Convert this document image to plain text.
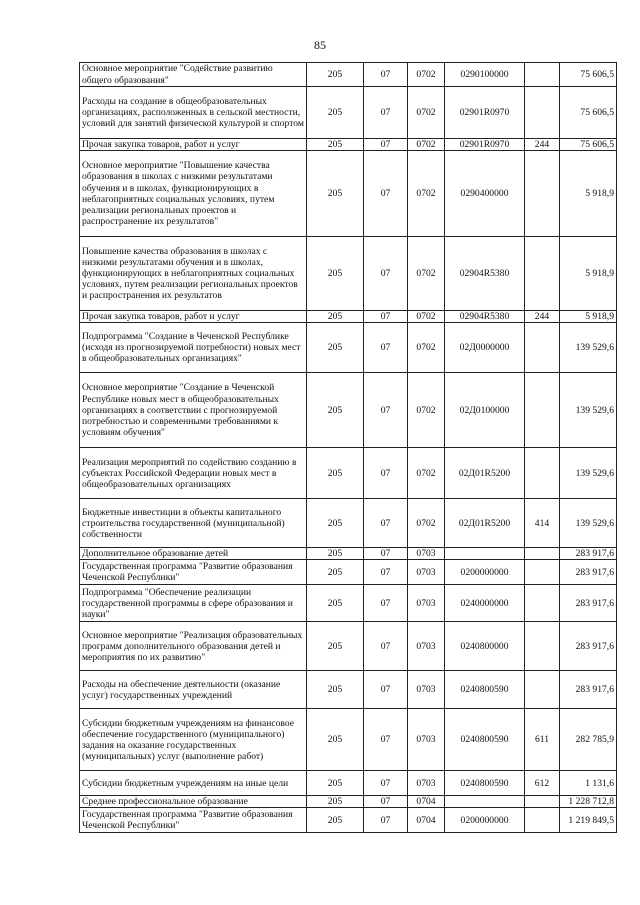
85
Основное мероприятие "Содействие развитию общего образования"	205	07	0702	0290100000		75 606,5
Расходы на создание в общеобразовательных организациях, расположенных в сельской местности, условий для занятий физической культурой и спортом	205	07	0702	02901R0970		75 606,5
Прочая закупка товаров, работ и услуг	205	07	0702	02901R0970	244	75 606,5
Основное мероприятие "Повышение качества образования в школах с низкими результатами обучения и в школах, функционирующих в неблагоприятных социальных условиях, путем реализации региональных проектов и распространение их результатов"	205	07	0702	0290400000		5 918,9
Повышение качества образования в школах с низкими результатами обучения и в школах, функционирующих в неблагоприятных социальных условиях, путем реализации региональных проектов и распространения их результатов	205	07	0702	02904R5380		5 918,9
Прочая закупка товаров, работ и услуг	205	07	0702	02904R5380	244	5 918,9
Подпрограмма "Создание в Чеченской Республике (исходя из прогнозируемой потребности) новых мест в общеобразовательных организациях"	205	07	0702	02Д0000000		139 529,6
Основное мероприятие "Создание в Чеченской Республике новых мест в общеобразовательных организациях в соответствии с прогнозируемой потребностью и современными требованиями к условиям обучения"	205	07	0702	02Д0100000		139 529,6
Реализация мероприятий по содействию созданию в субъектах Российской Федерации новых мест в общеобразовательных организациях	205	07	0702	02Д01R5200		139 529,6
Бюджетные инвестиции в объекты капитального строительства государственной (муниципальной) собственности	205	07	0702	02Д01R5200	414	139 529,6
Дополнительное образование детей	205	07	0703			283 917,6
Государственная программа "Развитие образования Чеченской Республики"	205	07	0703	0200000000		283 917,6
Подпрограмма "Обеспечение реализации государственной программы в сфере образования и науки"	205	07	0703	0240000000		283 917,6
Основное мероприятие "Реализация образовательных программ дополнительного образования детей и мероприятия по их развитию"	205	07	0703	0240800000		283 917,6
Расходы на обеспечение деятельности (оказание услуг) государственных учреждений	205	07	0703	0240800590		283 917,6
Субсидии бюджетным учреждениям на финансовое обеспечение государственного (муниципального) задания на оказание государственных (муниципальных) услуг (выполнение работ)	205	07	0703	0240800590	611	282 785,9
Субсидии бюджетным учреждениям на иные цели	205	07	0703	0240800590	612	1 131,6
Среднее профессиональное образование	205	07	0704			1 228 712,8
Государственная программа "Развитие образования Чеченской Республики"	205	07	0704	0200000000		1 219 849,5
